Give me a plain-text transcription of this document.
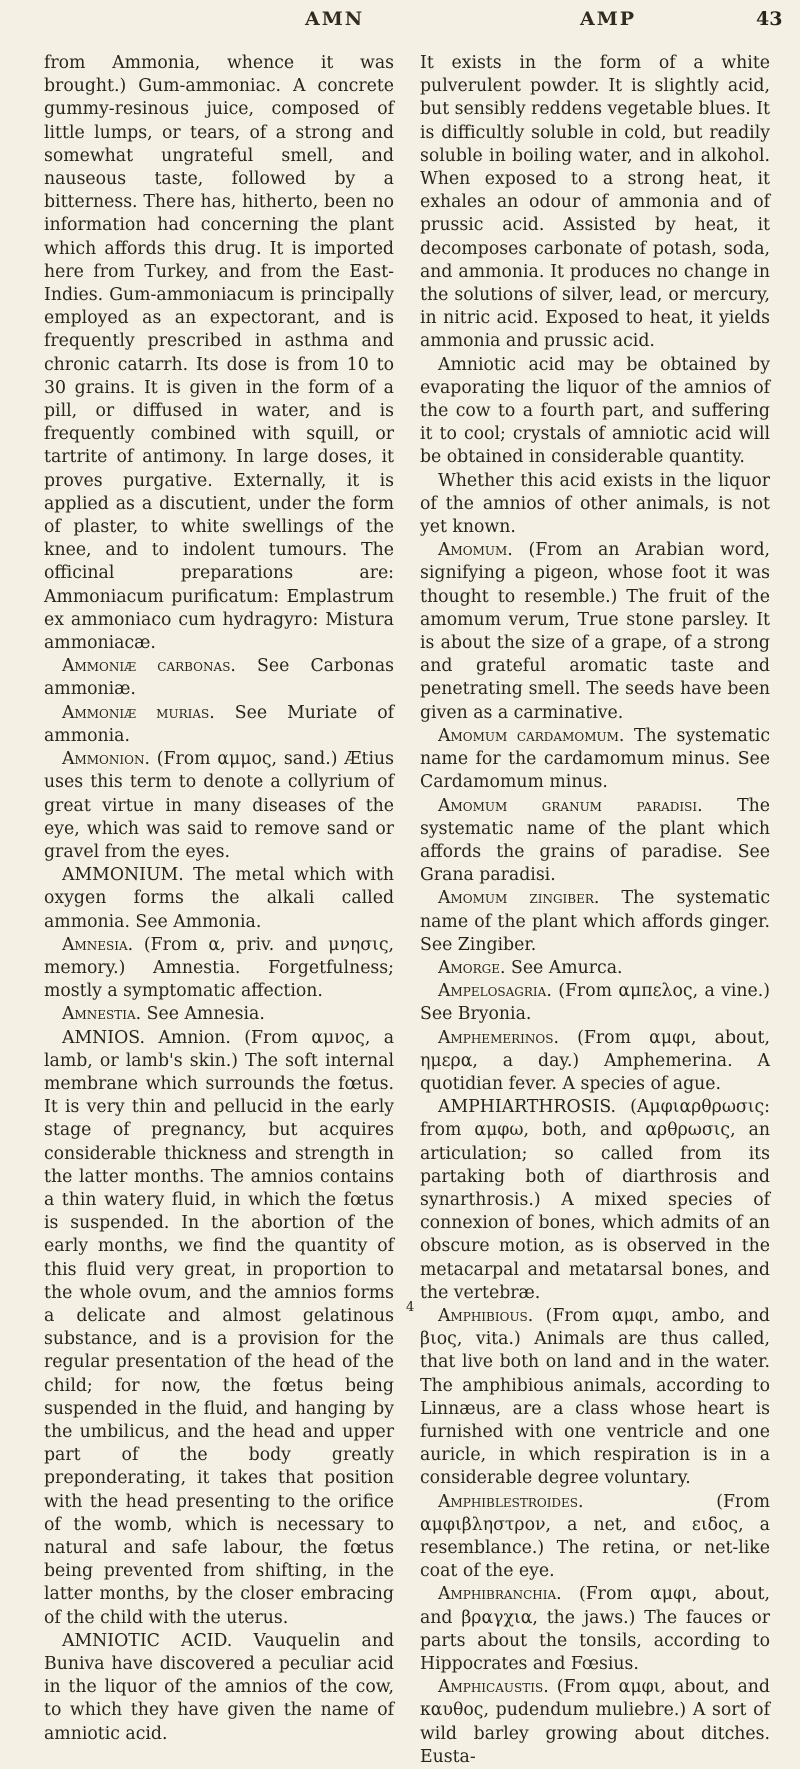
AMN	AMP	43

from Ammonia, whence it was brought.) Gum-ammoniac. A concrete gummy-resinous juice, composed of little lumps, or tears, of a strong and somewhat ungrateful smell, and nauseous taste, followed by a bitterness. There has, hitherto, been no information had concerning the plant which affords this drug. It is imported here from Turkey, and from the East-Indies. Gum-ammoniacum is principally employed as an expectorant, and is frequently prescribed in asthma and chronic catarrh. Its dose is from 10 to 30 grains. It is given in the form of a pill, or diffused in water, and is frequently combined with squill, or tartrite of antimony. In large doses, it proves purgative. Externally, it is applied as a discutient, under the form of plaster, to white swellings of the knee, and to indolent tumours. The officinal preparations are: Ammoniacum purificatum: Emplastrum ex ammoniaco cum hydragyro: Mistura ammoniacæ.

Ammoniæ carbonas. See Carbonas ammoniæ.

Ammoniæ murias. See Muriate of ammonia.

Ammonion. (From αμμος, sand.) Ætius uses this term to denote a collyrium of great virtue in many diseases of the eye, which was said to remove sand or gravel from the eyes.

AMMONIUM. The metal which with oxygen forms the alkali called ammonia. See Ammonia.

Amnesia. (From α, priv. and μνησις, memory.) Amnestia. Forgetfulness; mostly a symptomatic affection.

Amnestia. See Amnesia.

AMNIOS. Amnion. (From αμνος, a lamb, or lamb's skin.) The soft internal membrane which surrounds the fœtus. It is very thin and pellucid in the early stage of pregnancy, but acquires considerable thickness and strength in the latter months. The amnios contains a thin watery fluid, in which the fœtus is suspended. In the abortion of the early months, we find the quantity of this fluid very great, in proportion to the whole ovum, and the amnios forms a delicate and almost gelatinous substance, and is a provision for the regular presentation of the head of the child; for now, the fœtus being suspended in the fluid, and hanging by the umbilicus, and the head and upper part of the body greatly preponderating, it takes that position with the head presenting to the orifice of the womb, which is necessary to natural and safe labour, the fœtus being prevented from shifting, in the latter months, by the closer embracing of the child with the uterus.

AMNIOTIC ACID. Vauquelin and Buniva have discovered a peculiar acid in the liquor of the amnios of the cow, to which they have given the name of amniotic acid.

It exists in the form of a white pulverulent powder. It is slightly acid, but sensibly reddens vegetable blues. It is difficultly soluble in cold, but readily soluble in boiling water, and in alkohol. When exposed to a strong heat, it exhales an odour of ammonia and of prussic acid. Assisted by heat, it decomposes carbonate of potash, soda, and ammonia. It produces no change in the solutions of silver, lead, or mercury, in nitric acid. Exposed to heat, it yields ammonia and prussic acid.

Amniotic acid may be obtained by evaporating the liquor of the amnios of the cow to a fourth part, and suffering it to cool; crystals of amniotic acid will be obtained in considerable quantity.

Whether this acid exists in the liquor of the amnios of other animals, is not yet known.

Amomum. (From an Arabian word, signifying a pigeon, whose foot it was thought to resemble.) The fruit of the amomum verum, True stone parsley. It is about the size of a grape, of a strong and grateful aromatic taste and penetrating smell. The seeds have been given as a carminative.

Amomum cardamomum. The systematic name for the cardamomum minus. See Cardamomum minus.

Amomum granum paradisi. The systematic name of the plant which affords the grains of paradise. See Grana paradisi.

Amomum zingiber. The systematic name of the plant which affords ginger. See Zingiber.

Amorge. See Amurca.

Ampelosagria. (From αμπελος, a vine.) See Bryonia.

Amphemerinos. (From αμφι, about, ημερα, a day.) Amphemerina. A quotidian fever. A species of ague.

AMPHIARTHROSIS. (Αμφιαρθρωσις: from αμφω, both, and αρθρωσις, an articulation; so called from its partaking both of diarthrosis and synarthrosis.) A mixed species of connexion of bones, which admits of an obscure motion, as is observed in the metacarpal and metatarsal bones, and the vertebræ.

Amphibious. (From αμφι, ambo, and βιος, vita.) Animals are thus called, that live both on land and in the water. The amphibious animals, according to Linnæus, are a class whose heart is furnished with one ventricle and one auricle, in which respiration is in a considerable degree voluntary.

Amphiblestroides.	(From αμφιβληστρον, a net, and ειδος, a resemblance.) The retina, or net-like coat of the eye.

Amphibranchia. (From αμφι, about, and βραγχια, the jaws.) The fauces or parts about the tonsils, according to Hippocrates and Fœsius.

Amphicaustis. (From αμφι, about, and καυθος, pudendum muliebre.) A sort of wild barley growing about ditches. Eusta-

4
